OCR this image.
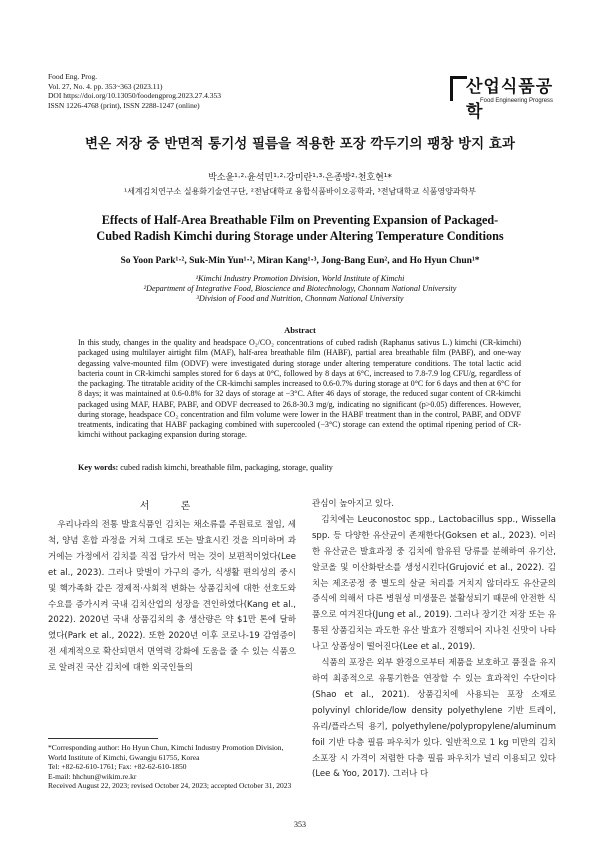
Food Eng. Prog.
Vol. 27, No. 4. pp. 353~363 (2023.11)
DOI https://doi.org/10.13050/foodengprog.2023.27.4.353
ISSN 1226-4768 (print), ISSN 2288-1247 (online)
산업식품공학
Food Engineering Progress
변온 저장 중 반면적 통기성 필름을 적용한 포장 깍두기의 팽창 방지 효과
박소윤¹·²·윤석민¹·²·강미란¹·³·은종방²·천호현¹*
¹세계김치연구소 실용화기술연구단, ²전남대학교 융합식품바이오공학과, ³전남대학교 식품영양과학부
Effects of Half-Area Breathable Film on Preventing Expansion of Packaged-
Cubed Radish Kimchi during Storage under Altering Temperature Conditions
So Yoon Park¹·², Suk-Min Yun¹·², Miran Kang¹·³, Jong-Bang Eun², and Ho Hyun Chun¹*
¹Kimchi Industry Promotion Division, World Institute of Kimchi
²Department of Integrative Food, Bioscience and Biotechnology, Chonnam National University
³Division of Food and Nutrition, Chonnam National University
Abstract

In this study, changes in the quality and headspace O₂/CO₂ concentrations of cubed radish (Raphanus sativus L.) kimchi (CR-kimchi) packaged using multilayer airtight film (MAF), half-area breathable film (HABF), partial area breathable film (PABF), and one-way degassing valve-mounted film (ODVF) were investigated during storage under altering temperature conditions. The total lactic acid bacteria count in CR-kimchi samples stored for 6 days at 0°C, followed by 8 days at 6°C, increased to 7.8-7.9 log CFU/g, regardless of the packaging. The titratable acidity of the CR-kimchi samples increased to 0.6-0.7% during storage at 0°C for 6 days and then at 6°C for 8 days; it was maintained at 0.6-0.8% for 32 days of storage at −3°C. After 46 days of storage, the reduced sugar content of CR-kimchi packaged using MAF, HABF, PABF, and ODVF decreased to 26.8-30.3 mg/g, indicating no significant (p>0.05) differences. However, during storage, headspace CO₂ concentration and film volume were lower in the HABF treatment than in the control, PABF, and ODVF treatments, indicating that HABF packaging combined with supercooled (−3°C) storage can extend the optimal ripening period of CR-kimchi without packaging expansion during storage.

Key words: cubed radish kimchi, breathable film, packaging, storage, quality
서 론

우리나라의 전통 발효식품인 김치는 채소류를 주원료로 절임, 세척, 양념 혼합 과정을 거쳐 그대로 또는 발효시킨 것을 의미하며 과거에는 가정에서 김치를 직접 담가서 먹는 것이 보편적이었다(Lee et al., 2023). 그러나 맞벌이 가구의 증가, 식생활 편의성의 중시 및 핵가족화 같은 경제적·사회적 변화는 상품김치에 대한 선호도와 수요를 증가시켜 국내 김치산업의 성장을 견인하였다(Kang et al., 2022). 2020년 국내 상품김치의 총 생산량은 약 $1만 톤에 달하였다(Park et al., 2022). 또한 2020년 이후 코로나-19 감염증이 전 세계적으로 확산되면서 면역력 강화에 도움을 줄 수 있는 식품으로 알려진 국산 김치에 대한 외국인들의

관심이 높아지고 있다.

김치에는 Leuconostoc spp., Lactobacillus spp., Wissella spp. 등 다양한 유산균이 존재한다(Goksen et al., 2023). 이러한 유산균은 발효과정 중 김치에 함유된 당류를 분해하여 유기산, 알코올 및 이산화탄소를 생성시킨다(Grujović et al., 2022). 김치는 제조공정 중 별도의 살균 처리를 거치지 않더라도 유산균의 증식에 의해서 다른 병원성 미생물은 불활성되기 때문에 안전한 식품으로 여겨진다(Jung et al., 2019). 그러나 장기간 저장 또는 유통된 상품김치는 과도한 유산 발효가 진행되어 지나친 신맛이 나타나고 상품성이 떨어진다(Lee et al., 2019).

식품의 포장은 외부 환경으로부터 제품을 보호하고 품질을 유지하여 최종적으로 유통기한을 연장할 수 있는 효과적인 수단이다(Shao et al., 2021). 상품김치에 사용되는 포장 소재로 polyvinyl chloride/low density polyethylene 기반 트레이, 유리/플라스틱 용기, polyethylene/polypropylene/aluminum foil 기반 다층 필름 파우치가 있다. 일반적으로 1 kg 미만의 김치 소포장 시 가격이 저렴한 다층 필름 파우치가 널리 이용되고 있다(Lee & Yoo, 2017). 그러나 다

*Corresponding author: Ho Hyun Chun, Kimchi Industry Promotion Division, World Institute of Kimchi, Gwangju 61755, Korea
Tel: +82-62-610-1761; Fax: +82-62-610-1850
E-mail: hhchun@wikim.re.kr
Received August 22, 2023; revised October 24, 2023; accepted October 31, 2023
353
